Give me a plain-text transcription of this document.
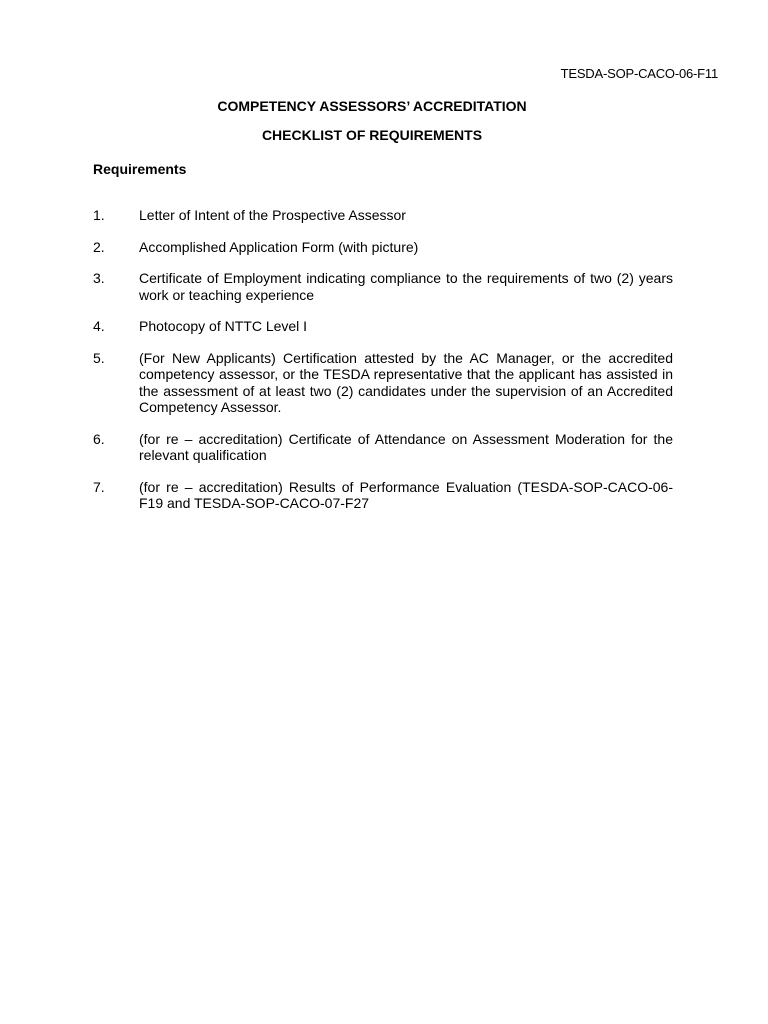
TESDA-SOP-CACO-06-F11
COMPETENCY ASSESSORS’ ACCREDITATION
CHECKLIST OF REQUIREMENTS
Requirements
1.	Letter of Intent of the Prospective Assessor
2.	Accomplished Application Form (with picture)
3.	Certificate of Employment indicating compliance to the requirements of two (2) years work or teaching experience
4.	Photocopy of NTTC Level I
5.	(For New Applicants) Certification attested by the AC Manager, or the accredited competency assessor, or the TESDA representative that the applicant has assisted in the assessment of at least two (2) candidates under the supervision of an Accredited Competency Assessor.
6.	(for re – accreditation) Certificate of Attendance on Assessment Moderation for the relevant qualification
7.	(for re – accreditation) Results of Performance Evaluation (TESDA-SOP-CACO-06-F19 and TESDA-SOP-CACO-07-F27
